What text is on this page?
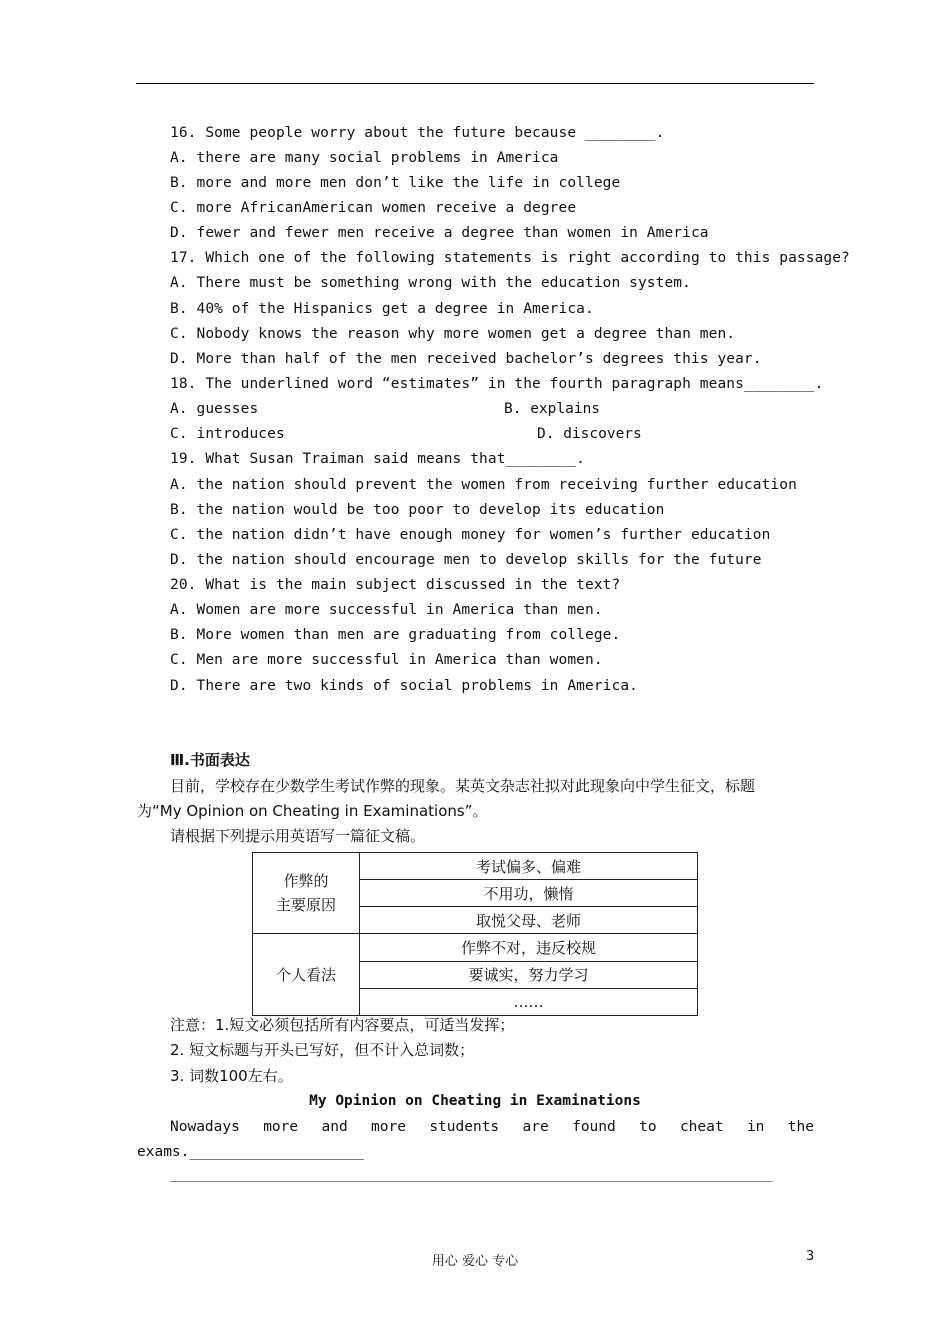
16. Some people worry about the future because ________.
A. there are many social problems in America
B. more and more men don’t like the life in college
C. more AfricanAmerican women receive a degree
D. fewer and fewer men receive a degree than women in America
17. Which one of the following statements is right according to this passage?
A. There must be something wrong with the education system.
B. 40% of the Hispanics get a degree in America.
C. Nobody knows the reason why more women get a degree than men.
D. More than half of the men received bachelor’s degrees this year.
18. The underlined word “estimates” in the fourth paragraph means________.
A. guesses	B. explains
C. introduces	D. discovers
19. What Susan Traiman said means that________.
A. the nation should prevent the women from receiving further education
B. the nation would be too poor to develop its education
C. the nation didn’t have enough money for women’s further education
D. the nation should encourage men to develop skills for the future
20. What is the main subject discussed in the text?
A. Women are more successful in America than men.
B. More women than men are graduating from college.
C. Men are more successful in America than women.
D. There are two kinds of social problems in America.
Ⅲ.书面表达
目前，学校存在少数学生考试作弊的现象。某英文杂志社拟对此现象向中学生征文，标题
为“My Opinion on Cheating in Examinations”。
请根据下列提示用英语写一篇征文稿。
作弊的
主要原因	考试偏多、偏难
	不用功，懒惰
	取悦父母、老师
个人看法	作弊不对，违反校规
	要诚实，努力学习
	……
注意：1.短文必须包括所有内容要点，可适当发挥；
2. 短文标题与开头已写好，但不计入总词数；
3. 词数100左右。
My Opinion on Cheating in Examinations
Nowadays more and more students are found to cheat in the
exams.____________________
用心 爱心 专心	3
